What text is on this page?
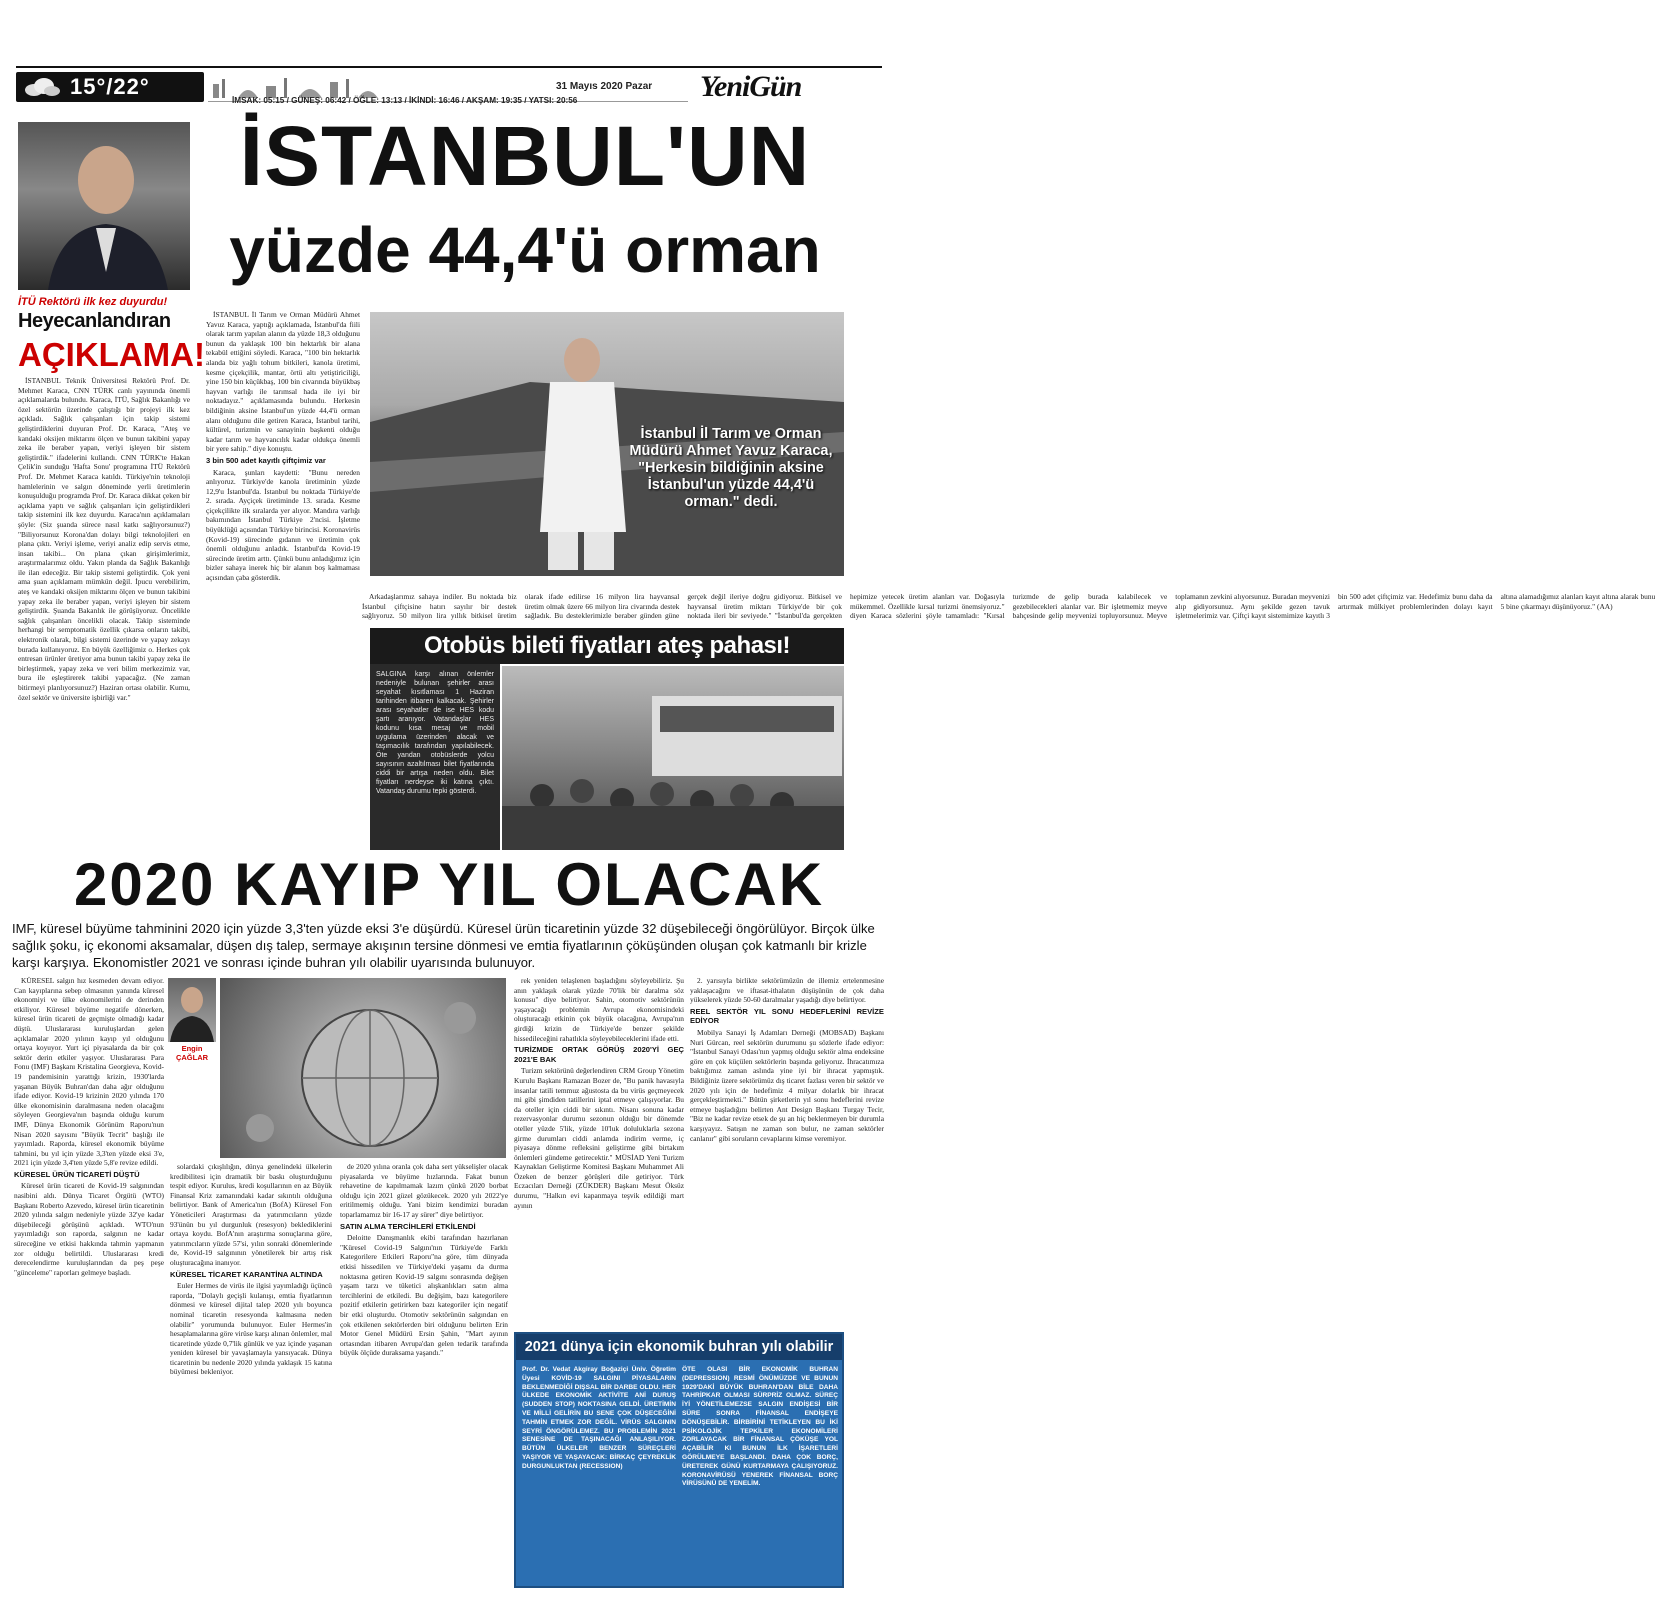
15°/22°	31 Mayıs 2020 Pazar
İMSAK: 05:15 / GÜNEŞ: 06:42 / ÖĞLE: 13:13 / İKİNDİ: 16:46 / AKŞAM: 19:35 / YATSI: 20:56	YeniGün
İTÜ Rektörü ilk kez duyurdu!
Heyecanlandıran
AÇIKLAMA!

İSTANBUL Teknik Üniversitesi Rektörü Prof. Dr. Mehmet Karaca, CNN TÜRK canlı yayınında önemli açıklamalarda bulundu. Karaca, İTÜ, Sağlık Bakanlığı ve özel sektörün üzerinde çalıştığı bir projeyi ilk kez açıkladı. Sağlık çalışanları için takip sistemi geliştirdiklerini duyuran Prof. Dr. Karaca, "Ateş ve kandaki oksijen miktarını ölçen ve bunun takibini yapay zeka ile beraber yapan, veriyi işleyen bir sistem geliştirdik." ifadelerini kullandı. CNN TÜRK'te Hakan Çelik'in sunduğu 'Hafta Sonu' programına İTÜ Rektörü Prof. Dr. Mehmet Karaca katıldı. Türkiye'nin teknoloji hamlelerinin ve salgın döneminde yerli üretimlerin konuşulduğu programda Prof. Dr. Karaca dikkat çeken bir açıklama yaptı ve sağlık çalışanları için geliştirdikleri takip sistemini ilk kez duyurdu. Karaca'nın açıklamaları şöyle: (Siz şuanda sürece nasıl katkı sağlıyorsunuz?) "Biliyorsunuz Korona'dan dolayı bilgi teknolojileri en plana çıktı. Veriyi işleme, veriyi analiz edip servis etme, insan takibi... On plana çıkan girişimlerimiz, araştırmalarımız oldu. Yakın planda da Sağlık Bakanlığı ile ilan edeceğiz. Bir takip sistemi geliştirdik. Çok yeni ama şuan açıklamam mümkün değil. İpucu verebilirim, ateş ve kandaki oksijen miktarını ölçen ve bunun takibini yapay zeka ile beraber yapan, veriyi işleyen bir sistem geliştirdik. Şuanda Bakanlık ile görüşüyoruz. Öncelikle sağlık çalışanları öncelikli olacak. Takip sisteminde herhangi bir semptomatik özellik çıkarsa onların takibi, elektronik olarak, bilgi sistemi üzerinde ve yapay zekayı burada kullanıyoruz. En büyük özelliğimiz o. Herkes çok entresan ürünler üretiyor ama bunun takibi yapay zeka ile birleştirmek, yapay zeka ve veri bilim merkezimiz var, bura ile eşleştirerek takibi yapacağız. (Ne zaman bitirmeyi planlıyorsunuz?) Haziran ortası olabilir. Kumu, özel sektör ve üniversite işbirliği var."

İSTANBUL'UN
yüzde 44,4'ü orman

İSTANBUL İl Tarım ve Orman Müdürü Ahmet Yavuz Karaca, yaptığı açıklamada, İstanbul'da fiili olarak tarım yapılan alanın da yüzde 18,3 olduğunu bunun da yaklaşık 100 bin hektarlık bir alana tekabül ettiğini söyledi. Karaca, "100 bin hektarlık alanda biz yağlı tohum bitkileri, kanola üretimi, kesme çiçekçilik, mantar, örtü altı yetiştiriciliği, yine 150 bin küçükbaş, 100 bin civarında büyükbaş hayvan varlığı ile tarımsal hada ile iyi bir noktadayız." açıklamasında bulundu. Herkesin bildiğinin aksine İstanbul'un yüzde 44,4'ü orman alanı olduğunu dile getiren Karaca, İstanbul tarihi, kültürel, turizmin ve sanayinin başkenti olduğu kadar tarım ve hayvancılık kadar oldukça önemli bir yere sahip." diye konuştu.

3 bin 500 adet kayıtlı çiftçimiz var

Karaca, şunları kaydetti: "Bunu nereden anlıyoruz. Türkiye'de kanola üretiminin yüzde 12,9'u İstanbul'da. İstanbul bu noktada Türkiye'de 2. sırada. Ayçiçek üretiminde 13. sırada. Kesme çiçekçilikte ilk sıralarda yer alıyor. Mandıra varlığı bakımından İstanbul Türkiye 2'ncisi. İşletme büyüklüğü açısından Türkiye birincisi. Koronavirüs (Kovid-19) sürecinde gıdanın ve üretimin çok önemli olduğunu anladık. İstanbul'da Kovid-19 sürecinde üretim arttı. Çünkü bunu anladığımız için bizler sahaya inerek hiç bir alanın boş kalmaması açısından çaba gösterdik.

Arkadaşlarımız sahaya indiler. Bu noktada biz İstanbul çiftçisine hatırı sayılır bir destek sağlıyoruz. 50 milyon lira yıllık bitkisel üretim olarak ifade edilirse 16 milyon lira hayvansal üretim olmak üzere 66 milyon lira civarında destek sağladık. Bu desteklerimizle beraber günden güne gerçek değil ileriye doğru gidiyoruz. Bitkisel ve hayvansal üretim miktarı Türkiye'de bir çok noktada ileri bir seviyede." "İstanbul'da gerçekten hepimize yetecek üretim alanları var. Doğasıyla mükemmel. Özellikle kırsal turizmi önemsiyoruz." diyen Karaca sözlerini şöyle tamamladı: "Kırsal turizmde de gelip burada kalabilecek ve gezebilecekleri alanlar var. Bir işletmemiz meyve bahçesinde gelip meyvenizi topluyorsunuz. Meyve toplamanın zevkini alıyorsunuz. Buradan meyvenizi alıp gidiyorsunuz. Aynı şekilde gezen tavuk işletmelerimiz var. Çiftçi kayıt sistemimize kayıtlı 3 bin 500 adet çiftçimiz var. Hedefimiz bunu daha da artırmak mülkiyet problemlerinden dolayı kayıt altına alamadığımız alanları kayıt altına alarak bunu 5 bine çıkarmayı düşünüyoruz." (AA)

İstanbul İl Tarım ve Orman Müdürü Ahmet Yavuz Karaca, "Herkesin bildiğinin aksine İstanbul'un yüzde 44,4'ü orman." dedi.
Otobüs bileti fiyatları ateş pahası!

SALGINA karşı alınan önlemler nedeniyle bulunan şehirler arası seyahat kısıtlaması 1 Haziran tarihinden itibaren kalkacak. Şehirler arası seyahatler de ise HES kodu şartı aranıyor. Vatandaşlar HES kodunu kısa mesaj ve mobil uygulama üzerinden alacak ve taşımacılık tarafından yapılabilecek. Öte yandan otobüslerde yolcu sayısının azaltılması bilet fiyatlarında ciddi bir artışa neden oldu. Bilet fiyatları nerdeyse iki katına çıktı. Vatandaş durumu tepki gösterdi.

2020 KAYIP YIL OLACAK
IMF, küresel büyüme tahminini 2020 için yüzde 3,3'ten yüzde eksi 3'e düşürdü. Küresel ürün ticaretinin yüzde 32 düşebileceği öngörülüyor. Birçok ülke sağlık şoku, iç ekonomi aksamalar, düşen dış talep, sermaye akışının tersine dönmesi ve emtia fiyatlarının çöküşünden oluşan çok katmanlı bir krizle karşı karşıya. Ekonomistler 2021 ve sonrası içinde buhran yılı olabilir uyarısında bulunuyor.

KÜRESEL salgın hız kesmeden devam ediyor. Can kayıplarına sebep olmasının yanında küresel ekonomiyi ve ülke ekonomilerini de derinden etkiliyor. Küresel büyüme negatife dönerken, küresel ürün ticareti de geçmişte olmadığı kadar düştü. Uluslararası kuruluşlardan gelen açıklamalar 2020 yılının kayıp yıl olduğunu ortaya koyuyor. Yurt içi piyasalarda da bir çok sektör derin etkiler yaşıyor. Uluslararası Para Fonu (IMF) Başkanı Kristalina Georgieva, Kovid-19 pandemisinin yarattığı krizin, 1930'larda yaşanan Büyük Buhran'dan daha ağır olduğunu ifade ediyor. Kovid-19 krizinin 2020 yılında 170 ülke ekonomisinin daralmasına neden olacağını söyleyen Georgieva'nın başında olduğu kurum IMF, Dünya Ekonomik Görünüm Raporu'nun Nisan 2020 sayısını "Büyük Tecrit" başlığı ile yayımladı. Raporda, küresel ekonomik büyüme tahmini, bu yıl için yüzde 3,3'ten yüzde eksi 3'e, 2021 için yüzde 3,4'ten yüzde 5,8'e revize edildi.

KÜRESEL ÜRÜN TİCARETİ DÜŞTÜ

Küresel ürün ticareti de Kovid-19 salgınından nasibini aldı. Dünya Ticaret Örgütü (WTO) Başkanı Roberto Azevedo, küresel ürün ticaretinin 2020 yılında salgın nedeniyle yüzde 32'ye kadar düşebileceği görüşünü açıkladı. WTO'nun yayımladığı son raporda, salgının ne kadar süreceğine ve etkisi hakkında tahmin yapmanın zor olduğu belirtildi. Uluslararası kredi derecelendirme kuruluşlarından da peş peşe "günceleme" raporları gelmeye başladı.

Engin ÇAĞLAR

solardaki çıkışlılığın, dünya genelindeki ülkelerin kredibilitesi için dramatik bir baskı oluşturduğunu tespit ediyor. Kurulus, kredi koşullarının en az Büyük Finansal Kriz zamanındaki kadar sıkıntılı olduğuna belirtiyor. Bank of America'nın (BofA) Küresel Fon Yöneticileri Araştırması da yatırımcıların yüzde 93'ünün bu yıl durgunluk (resesyon) beklediklerini ortaya koydu. BofA'nın araştırma sonuçlarına göre, yatırımcıların yüzde 57'si, yılın sonraki dönemlerinde de, Kovid-19 salgınının yönetilerek bir artış risk oluşturacağına inanıyor.

KÜRESEL TİCARET KARANTİNA ALTINDA

Euler Hermes de virüs ile ilgisi yayımladığı üçüncü raporda, "Dolaylı geçişli kulanışı, emtia fiyatlarının dönmesi ve küresel dijital talep 2020 yılı boyunca nominal ticaretin resesyonda kalmasına neden olabilir" yorumunda bulunuyor. Euler Hermes'in hesaplamalarına göre virüse karşı alınan önlemler, mal ticaretinde yüzde 0,7'lik günlük ve yaz içinde yaşanan yeniden küresel bir yavaşlamayla yansıyacak. Dünya ticaretinin bu nedenle 2020 yılında yaklaşık 15 katına büyümesi bekleniyor.

de 2020 yılına oranla çok daha sert yükselişler olacak piyasalarda ve büyüme hızlarında. Fakat bunun rehavetine de kapılmamak lazım çünkü 2020 borbat olduğu için 2021 güzel gözükecek. 2020 yılı 2022'ye eritilmemiş olduğu. Yani bizim kendimizi buradan toparlamamız bir 16-17 ay sürer" diye belirtiyor.

SATIN ALMA TERCİHLERİ ETKİLENDİ

Deloitte Danışmanlık ekibi tarafından hazırlanan "Küresel Covid-19 Salgını'nın Türkiye'de Farklı Kategorilere Etkileri Raporu"na göre, tüm dünyada etkisi hissedilen ve Türkiye'deki yaşamı da durma noktasına getiren Kovid-19 salgını sonrasında değişen yaşam tarzı ve tüketici alışkanlıkları satın alma tercihlerini de etkiledi. Bu değişim, bazı kategorilere pozitif etkilerin getirirken bazı kategoriler için negatif bir etki oluşturdu. Otomotiv sektörünün salgından en çok etkilenen sektörlerden biri olduğunu belirten Erin Motor Genel Müdürü Ersin Şahin, "Mart ayının ortasından itibaren Avrupa'dan gelen tedarik tarafında büyük ölçüde duraksama yaşandı."

rek yeniden telaşlenen başladığını söyleyebiliriz. Şu anın yaklaşık olarak yüzde 70'lik bir daralma söz konusu" diye belirtiyor. Sahin, otomotiv sektörünün yaşayacağı problemin Avrupa ekonomisindeki oluşturacağı etkinin çok büyük olacağına, Avrupa'nın girdiği krizin de Türkiye'de benzer şekilde hissedileceğini rahatlıkla söyleyebileceklerini ifade etti.

TURİZMDE ORTAK GÖRÜŞ 2020'Yİ GEÇ 2021'E BAK

Turizm sektörünü değerlendiren CRM Group Yönetim Kurulu Başkanı Ramazan Bozer de, "Bu panik havasıyla insanlar tatili temmuz ağustosta da bu virüs geçmeyecek mi gibi şimdiden tatillerini iptal etmeye çalışıyorlar. Bu da oteller için ciddi bir sıkıntı. Nisanı sonuna kadar rezervasyonlar durumu sezonun olduğu bir dönemde oteller yüzde 5'lik, yüzde 10'luk doluluklarla sezona girme durumları ciddi anlamda indirim verme, iç piyasaya dönme refleksini geliştirme gibi birtakım önlemleri gündeme getirecektir." MÜSİAD Yeni Turizm Kaynakları Geliştirme Komitesi Başkanı Muhammet Ali Özeken de benzer görüşleri dile getiriyor. Türk Eczacıları Derneği (ZÜKDER) Başkanı Mesut Öksüz durumu, "Halkın evi kapanmaya teşvik edildiği mart ayının

2. yarısıyla birlikte sektörümüzün de illemiz ertelenmesine yaklaşacağını ve iftasat-ithalatın düşüşünün de çok daha yükselerek yüzde 50-60 daralmalar yaşadığı diye belirtiyor.

REEL SEKTÖR YIL SONU HEDEFLERİNİ REVİZE EDİYOR

Mobilya Sanayi İş Adamları Derneği (MOBSAD) Başkanı Nuri Gürcan, reel sektörün durumunu şu sözlerle ifade ediyor: "İstanbul Sanayi Odası'nın yapmış olduğu sektör alma endeksine göre en çok küçülen sektörlerin başında geliyoruz. İhracatımıza baktığımız zaman aslında yine iyi bir ihracat yapmıştık. Bildiğiniz üzere sektörümüz dış ticaret fazlası veren bir sektör ve 2020 yılı için de hedefimiz 4 milyar dolarlık bir ihracat gerçekleştirmekti." Bütün şirketlerin yıl sonu hedeflerini revize etmeye başladığını belirten Ant Design Başkanı Turgay Tecir, "Biz ne kadar revize etsek de şu an hiç beklenmeyen bir durumla karşıyayız. Satışın ne zaman son bulur, ne zaman sektörler canlanır" gibi soruların cevaplarını kimse veremiyor.

2021 dünya için ekonomik buhran yılı olabilir

Prof. Dr. Vedat Akgiray Boğaziçi Üniv. Öğretim Üyesi KOVİD-19 SALGINI PİYASALARIN BEKLENMEDİĞİ DIŞSAL BİR DARBE OLDU. HER ÜLKEDE EKONOMİK AKTİVİTE ANİ DURUŞ (SUDDEN STOP) NOKTASINA GELDİ. ÜRETİMİN VE MİLLİ GELİRİN BU SENE ÇOK DÜŞECEĞİNİ TAHMİN ETMEK ZOR DEĞİL. VİRÜS SALGININ SEYRİ ÖNGÖRÜLEMEZ. BU PROBLEMİN 2021 SENESİNE DE TAŞINACAĞI ANLAŞILIYOR. BÜTÜN ÜLKELER BENZER SÜREÇLERİ YAŞIYOR VE YAŞAYACAK: BİRKAÇ ÇEYREKLİK DURGUNLUKTAN (RECESSION)

ÖTE OLASI BİR EKONOMİK BUHRAN (DEPRESSION) RESMİ ÖNÜMÜZDE VE BUNUN 1929'DAKİ BÜYÜK BUHRAN'DAN BİLE DAHA TAHRİPKAR OLMASI SÜRPRİZ OLMAZ. SÜREÇ İYİ YÖNETİLEMEZSE SALGIN ENDİŞESİ BİR SÜRE SONRA FİNANSAL ENDİŞEYE DÖNÜŞEBİLİR. BİRBİRİNİ TETİKLEYEN BU İKİ PSİKOLOJİK TEPKİLER EKONOMİLERİ ZORLAYACAK BİR FİNANSAL ÇÖKÜŞE YOL AÇABİLİR KI BUNUN İLK İŞARETLERİ GÖRÜLMEYE BAŞLANDI. DAHA ÇOK BORÇ, ÜRETEREK GÜNÜ KURTARMAYA ÇALIŞIYORUZ. KORONAVİRÜSÜ YENEREK FİNANSAL BORÇ VİRÜSÜNÜ DE YENELİM.
